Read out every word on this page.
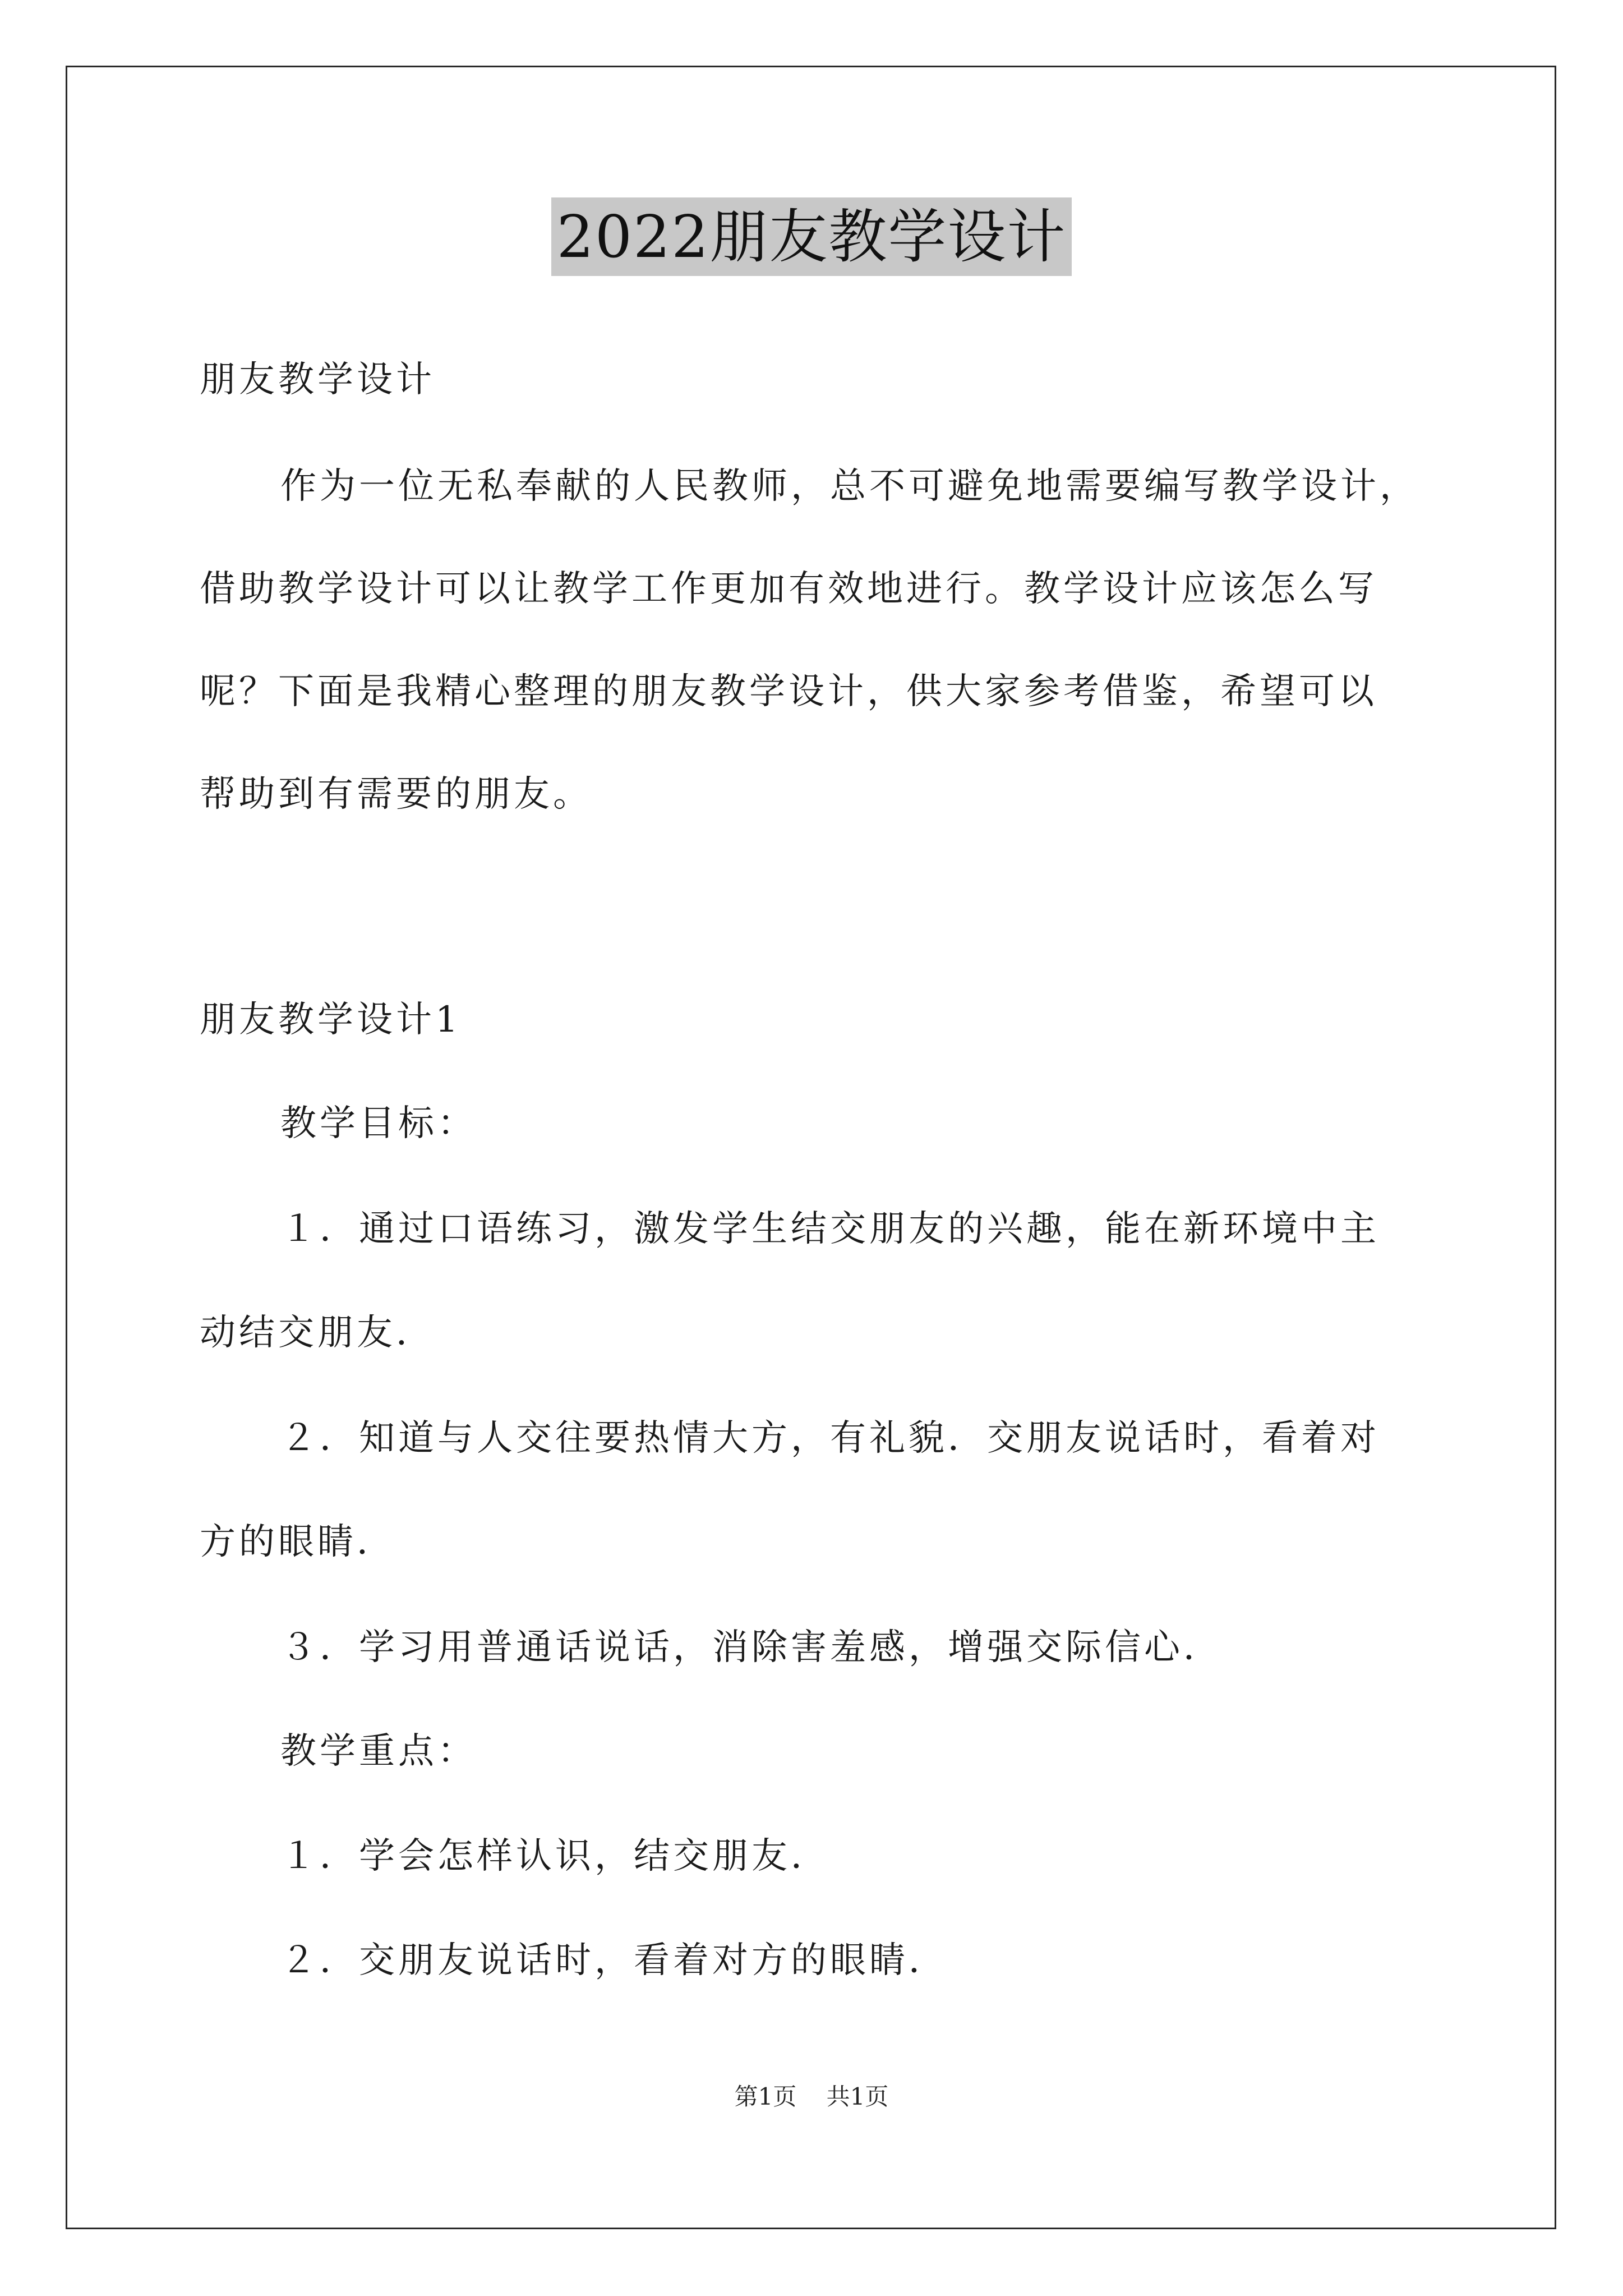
2022朋友教学设计
朋友教学设计
作为一位无私奉献的人民教师，总不可避免地需要编写教学设计，
借助教学设计可以让教学工作更加有效地进行。教学设计应该怎么写
呢？下面是我精心整理的朋友教学设计，供大家参考借鉴，希望可以
帮助到有需要的朋友。
朋友教学设计1
教学目标：
１．通过口语练习，激发学生结交朋友的兴趣，能在新环境中主
动结交朋友．
２．知道与人交往要热情大方，有礼貌．交朋友说话时，看着对
方的眼睛．
３．学习用普通话说话，消除害羞感，增强交际信心．
教学重点：
１．学会怎样认识，结交朋友．
２．交朋友说话时，看着对方的眼睛．
第1页 共1页
